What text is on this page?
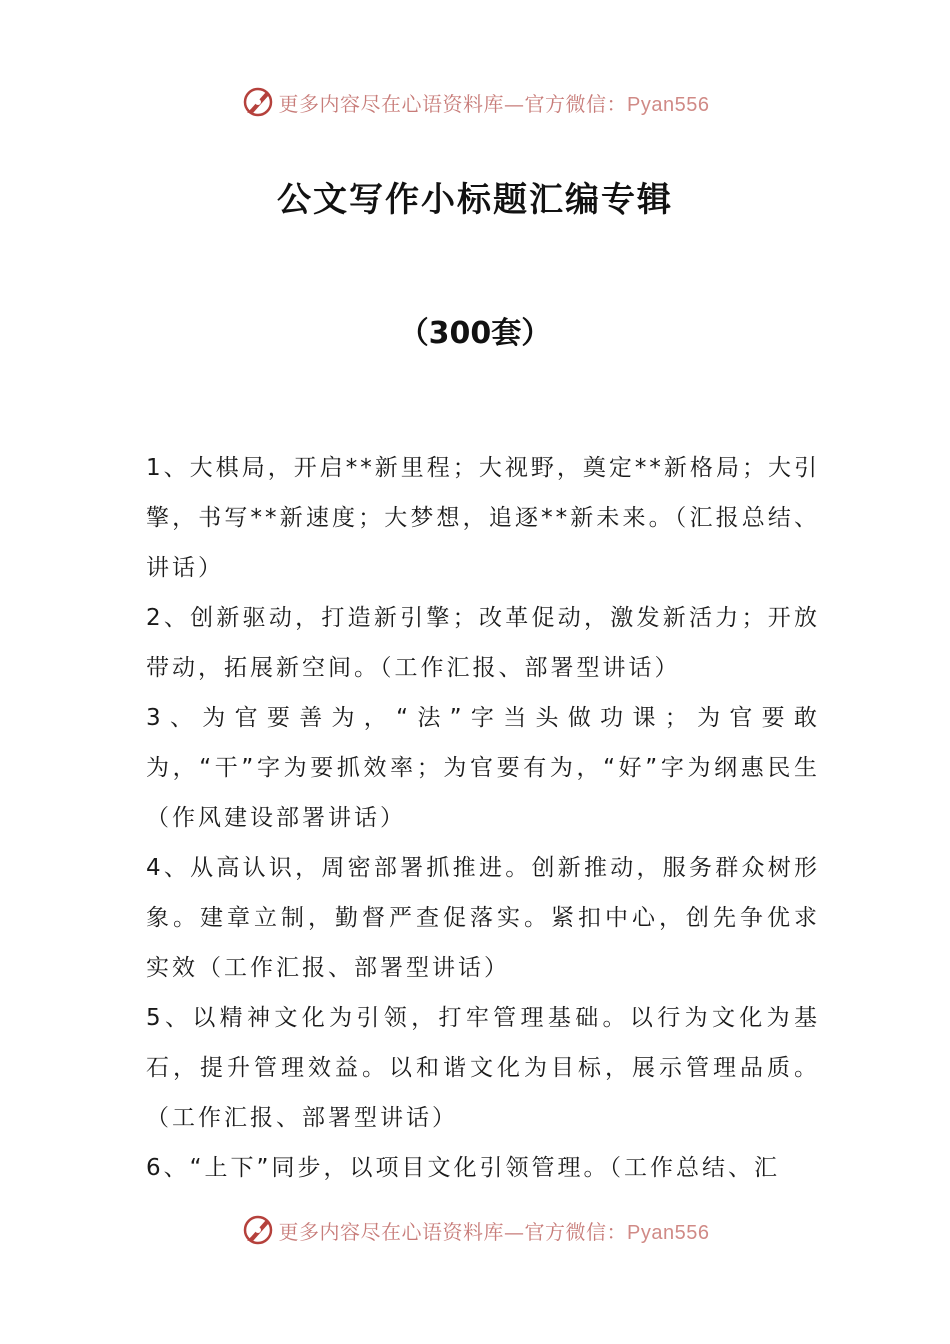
更多内容尽在心语资料库—官方微信：Pyan556
公文写作小标题汇编专辑
（300套）

1、大棋局，开启**新里程；大视野，奠定**新格局；大引擎，书写**新速度；大梦想，追逐**新未来。（汇报总结、讲话）

2、创新驱动，打造新引擎；改革促动，激发新活力；开放带动，拓展新空间。（工作汇报、部署型讲话）

3、为官要善为，“法”字当头做功课；为官要敢为，“干”字为要抓效率；为官要有为，“好”字为纲惠民生（作风建设部署讲话）

4、从高认识，周密部署抓推进。创新推动，服务群众树形象。建章立制，勤督严查促落实。紧扣中心，创先争优求实效（工作汇报、部署型讲话）

5、以精神文化为引领，打牢管理基础。以行为文化为基石，提升管理效益。以和谐文化为目标，展示管理品质。（工作汇报、部署型讲话）

6、“上下”同步，以项目文化引领管理。（工作总结、汇

更多内容尽在心语资料库—官方微信：Pyan556
